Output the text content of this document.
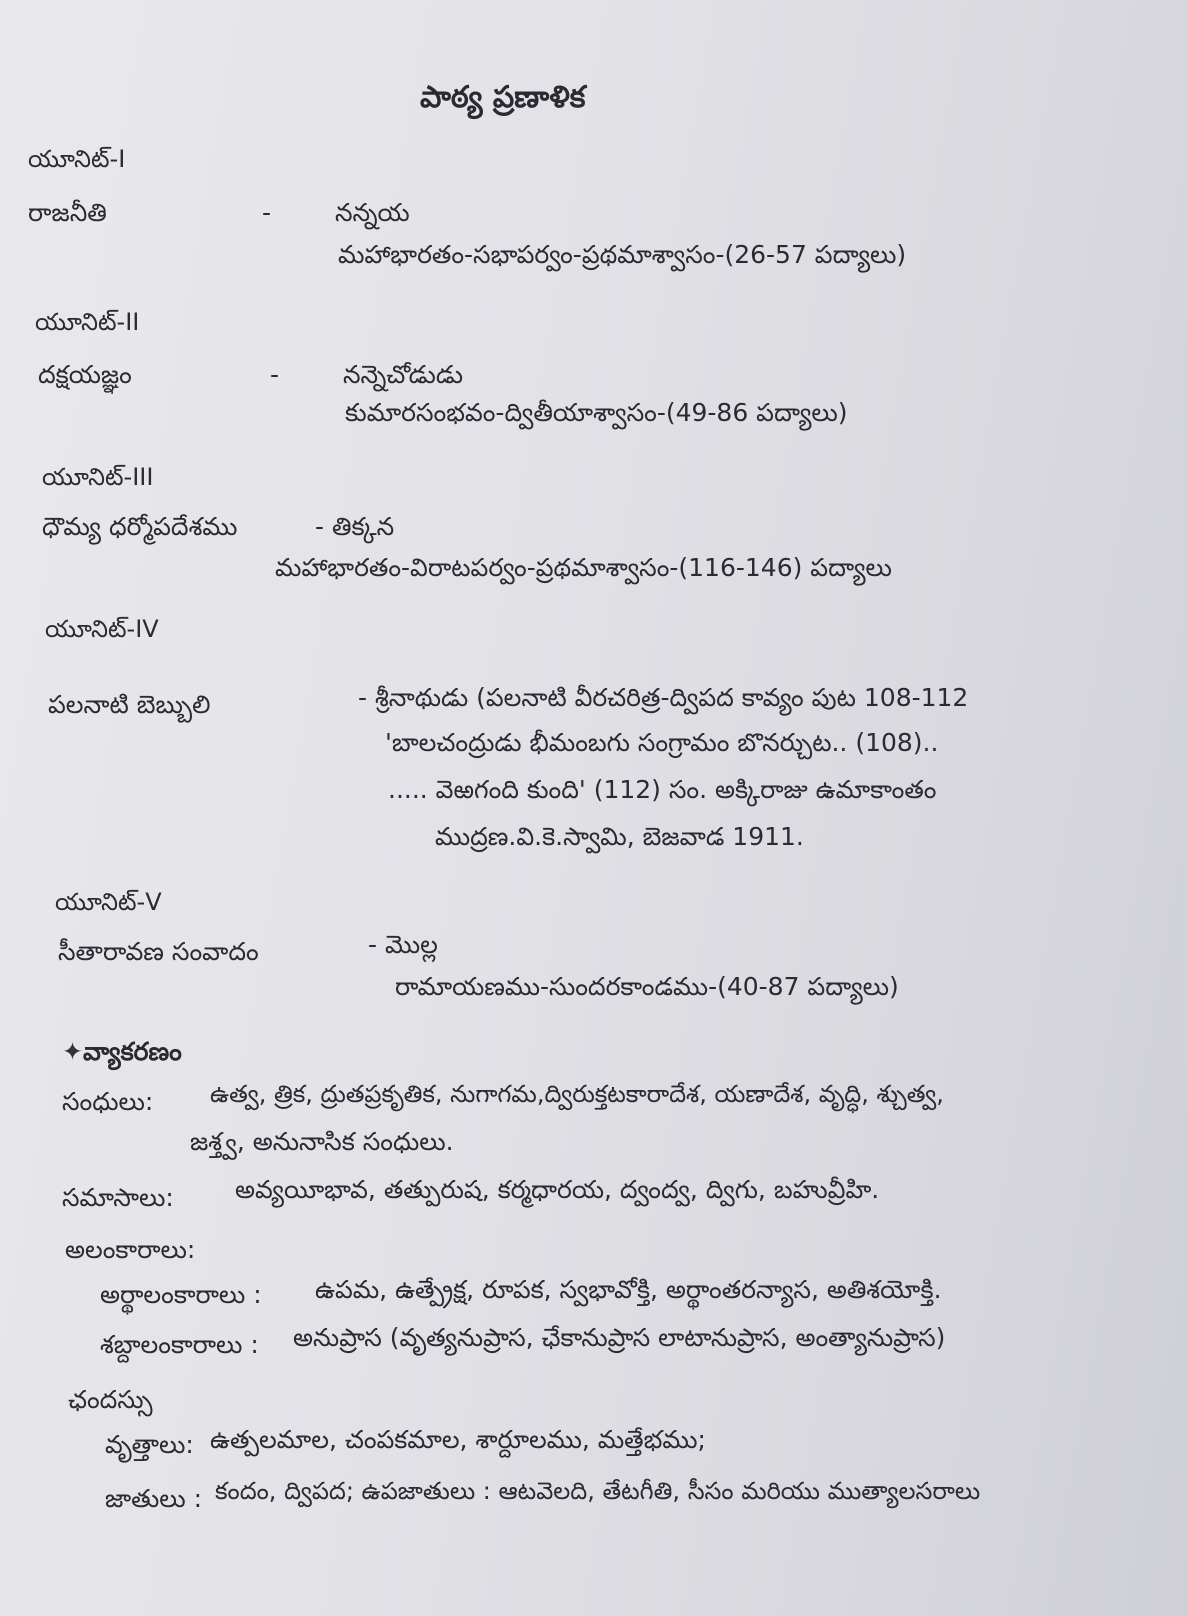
పాఠ్య ప్రణాళిక
యూనిట్-I
రాజనీతి	-	నన్నయ
మహాభారతం-సభాపర్వం-ప్రథమాశ్వాసం-(26-57 పద్యాలు)
యూనిట్-II
దక్షయజ్ఞం	-	నన్నెచోడుడు
కుమారసంభవం-ద్వితీయాశ్వాసం-(49-86 పద్యాలు)
యూనిట్-III
ధౌమ్య ధర్మోపదేశము	- తిక్కన
మహాభారతం-విరాటపర్వం-ప్రథమాశ్వాసం-(116-146) పద్యాలు
యూనిట్-IV
పలనాటి బెబ్బులి	- శ్రీనాథుడు (పలనాటి వీరచరిత్ర-ద్విపద కావ్యం పుట 108-112
'బాలచంద్రుడు భీమంబగు సంగ్రామం బొనర్చుట.. (108)..
..... వెఱగంది కుంది' (112) సం. అక్కిరాజు ఉమాకాంతం
ముద్రణ.వి.కె.స్వామి, బెజవాడ 1911.
యూనిట్-V
సీతారావణ సంవాదం	- మొల్ల
రామాయణము-సుందరకాండము-(40-87 పద్యాలు)
✦వ్యాకరణం
సంధులు: ఉత్వ, త్రిక, ద్రుతప్రకృతిక, నుగాగమ,ద్విరుక్తటకారాదేశ, యణాదేశ, వృద్ధి, శ్చుత్వ,
జశ్త్వ, అనునాసిక సంధులు.
సమాసాలు: అవ్యయీభావ, తత్పురుష, కర్మధారయ, ద్వంద్వ, ద్విగు, బహువ్రీహి.
అలంకారాలు:
అర్థాలంకారాలు : ఉపమ, ఉత్ప్రేక్ష, రూపక, స్వభావోక్తి, అర్థాంతరన్యాస, అతిశయోక్తి.
శబ్దాలంకారాలు : అనుప్రాస (వృత్యనుప్రాస, ఛేకానుప్రాస లాటానుప్రాస, అంత్యానుప్రాస)
ఛందస్సు
వృత్తాలు: ఉత్పలమాల, చంపకమాల, శార్దూలము, మత్తేభము;
జాతులు : కందం, ద్విపద; ఉపజాతులు : ఆటవెలది, తేటగీతి, సీసం మరియు ముత్యాలసరాలు
